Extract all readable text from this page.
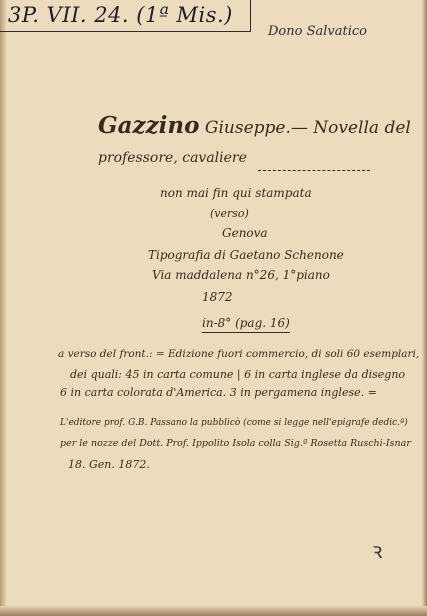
3P. VII. 24. (1ª Mis.)
Dono Salvatico
Gazzino Giuseppe.— Novella del
professore, cavaliere
non mai fin qui stampata
(verso)
Genova
Tipografia di Gaetano Schenone
Via maddalena n°26, 1°piano
1872
in-8° (pag. 16)
a verso del front.: = Edizione fuori commercio, di soli 60 esemplari,
dei quali: 45 in carta comune | 6 in carta inglese da disegno
6 in carta colorata d'America. 3 in pergamena inglese. =
L'editore prof. G.B. Passano la pubblicò (come si legge nell'epigrafe dedic.ª)
per le nozze del Dott. Prof. Ippolito Isola colla Sig.ª Rosetta Ruschi-Isnar
18. Gen. 1872.
ꝛ
